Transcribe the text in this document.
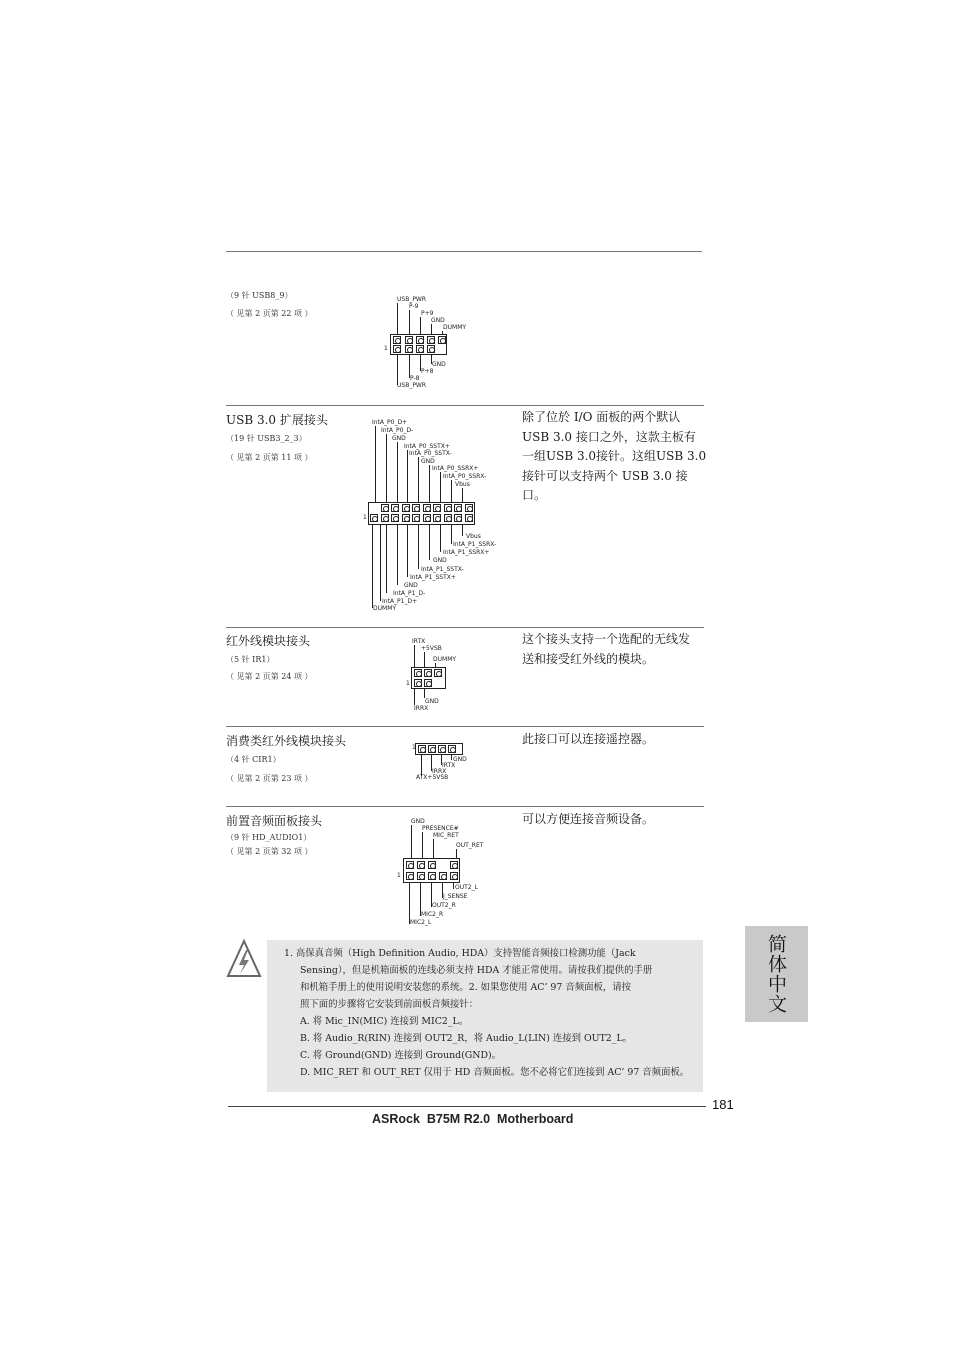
（9 针 USB8_9）
（ 见第 2 页第 22 项 ）
USB_PWR
P-9
P+9
GND
DUMMY
1
GND
P+8
P-8
USB_PWR
USB 3.0 扩展接头
（19 针 USB3_2_3）
（ 见第 2 页第 11 项 ）

除了位於 I/O 面板的两个默认

USB 3.0 接口之外，这款主板有

一组USB 3.0接针。这组USB 3.0

接针可以支持两个 USB 3.0 接

口。

IntA_P0_D+
IntA_P0_D-
GND
IntA_P0_SSTX+
IntA_P0_SSTX-
GND
IntA_P0_SSRX+
IntA_P0_SSRX-
Vbus
1
Vbus
IntA_P1_SSRX-
IntA_P1_SSRX+
GND
IntA_P1_SSTX-
IntA_P1_SSTX+
GND
IntA_P1_D-
IntA_P1_D+
DUMMY
红外线模块接头
（5 针 IR1）
（ 见第 2 页第 24 项 ）

这个接头支持一个选配的无线发

送和接受红外线的模块。

IRTX
+5VSB
DUMMY
1
GND
IRRX
消费类红外线模块接头
（4 针 CIR1）
（ 见第 2 页第 23 项 ）

此接口可以连接遥控器。

1
GND
IRTX
IRRX
ATX+5VSB
前置音频面板接头
（9 针 HD_AUDIO1）
（ 见第 2 页第 32 项 ）

可以方便连接音频设备。

GND
PRESENCE#
MIC_RET
OUT_RET
1
OUT2_L
J_SENSE
OUT2_R
MIC2_R
MIC2_L

1. 高保真音频（High Definition Audio, HDA）支持智能音频接口检测功能（Jack

Sensing），但是机箱面板的连线必须支持 HDA 才能正常使用。请按我们提供的手册

和机箱手册上的使用说明安装您的系统。2. 如果您使用 AC’ 97 音频面板，请按

照下面的步骤将它安装到前面板音频接针：

A. 将 Mic_IN(MIC) 连接到 MIC2_L。

B. 将 Audio_R(RIN) 连接到 OUT2_R，将 Audio_L(LIN) 连接到 OUT2_L。

C. 将 Ground(GND) 连接到 Ground(GND)。

D. MIC_RET 和 OUT_RET 仅用于 HD 音频面板。您不必将它们连接到 AC’ 97 音频面板。

简体中文
181
ASRock  B75M R2.0  Motherboard
